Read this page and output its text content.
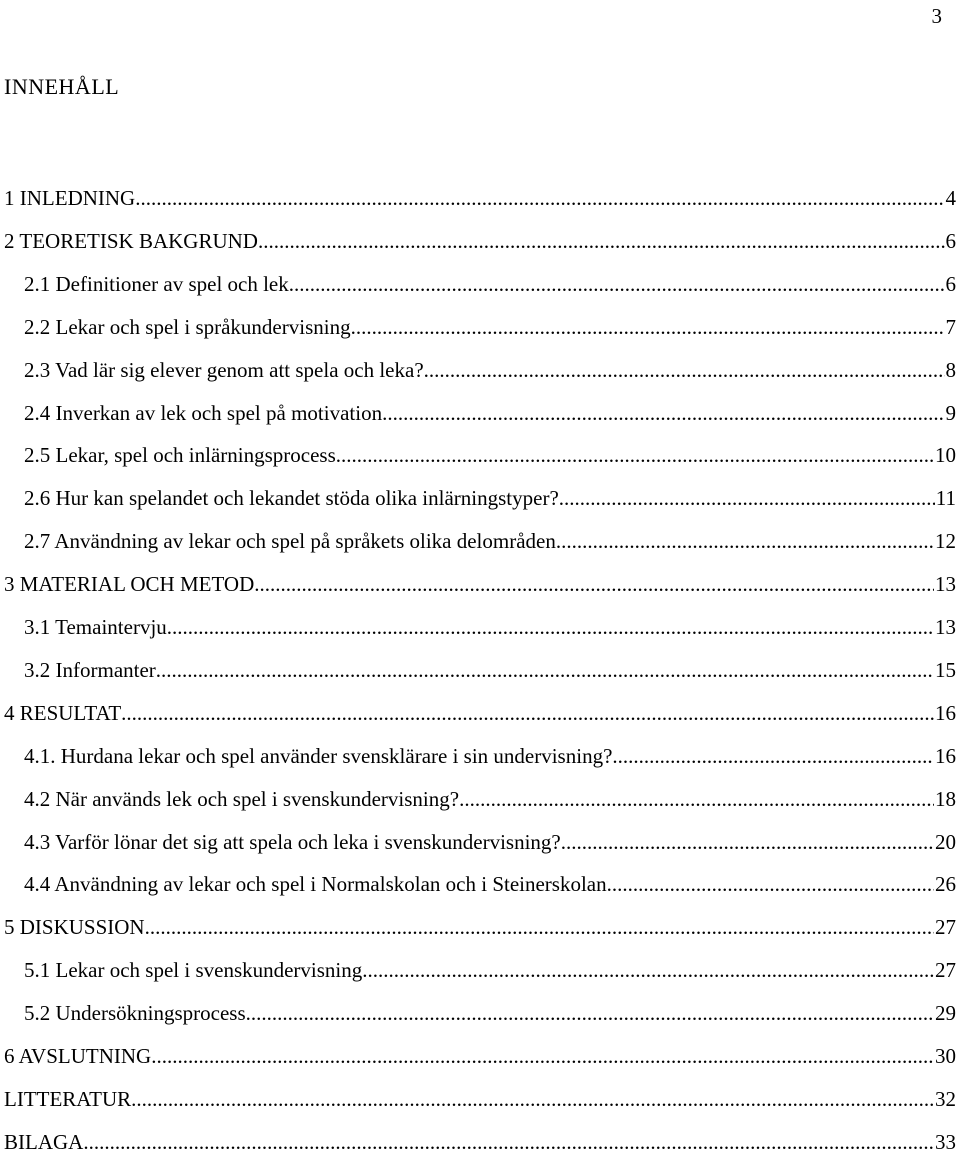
3
INNEHÅLL
1 INLEDNING .....	4
2 TEORETISK BAKGRUND .....	6
2.1 Definitioner av spel och lek .....	6
2.2 Lekar och spel i språkundervisning .....	7
2.3 Vad lär sig elever genom att spela och leka? .....	8
2.4 Inverkan av lek och spel på motivation .....	9
2.5 Lekar, spel och inlärningsprocess .....	10
2.6 Hur kan spelandet och lekandet stöda olika inlärningstyper? .....	11
2.7 Användning av lekar och spel på språkets olika delområden. .....	12
3 MATERIAL OCH METOD .....	13
3.1 Temaintervju .....	13
3.2 Informanter .....	15
4 RESULTAT .....	16
4.1. Hurdana lekar och spel använder svensklärare i sin undervisning? .....	16
4.2 När används lek och spel i svenskundervisning? .....	18
4.3 Varför lönar det sig att spela och leka i svenskundervisning? .....	20
4.4 Användning av lekar och spel i Normalskolan och i Steinerskolan .....	26
5 DISKUSSION .....	27
5.1 Lekar och spel i svenskundervisning .....	27
5.2 Undersökningsprocess .....	29
6 AVSLUTNING .....	30
LITTERATUR .....	32
BILAGA .....	33
